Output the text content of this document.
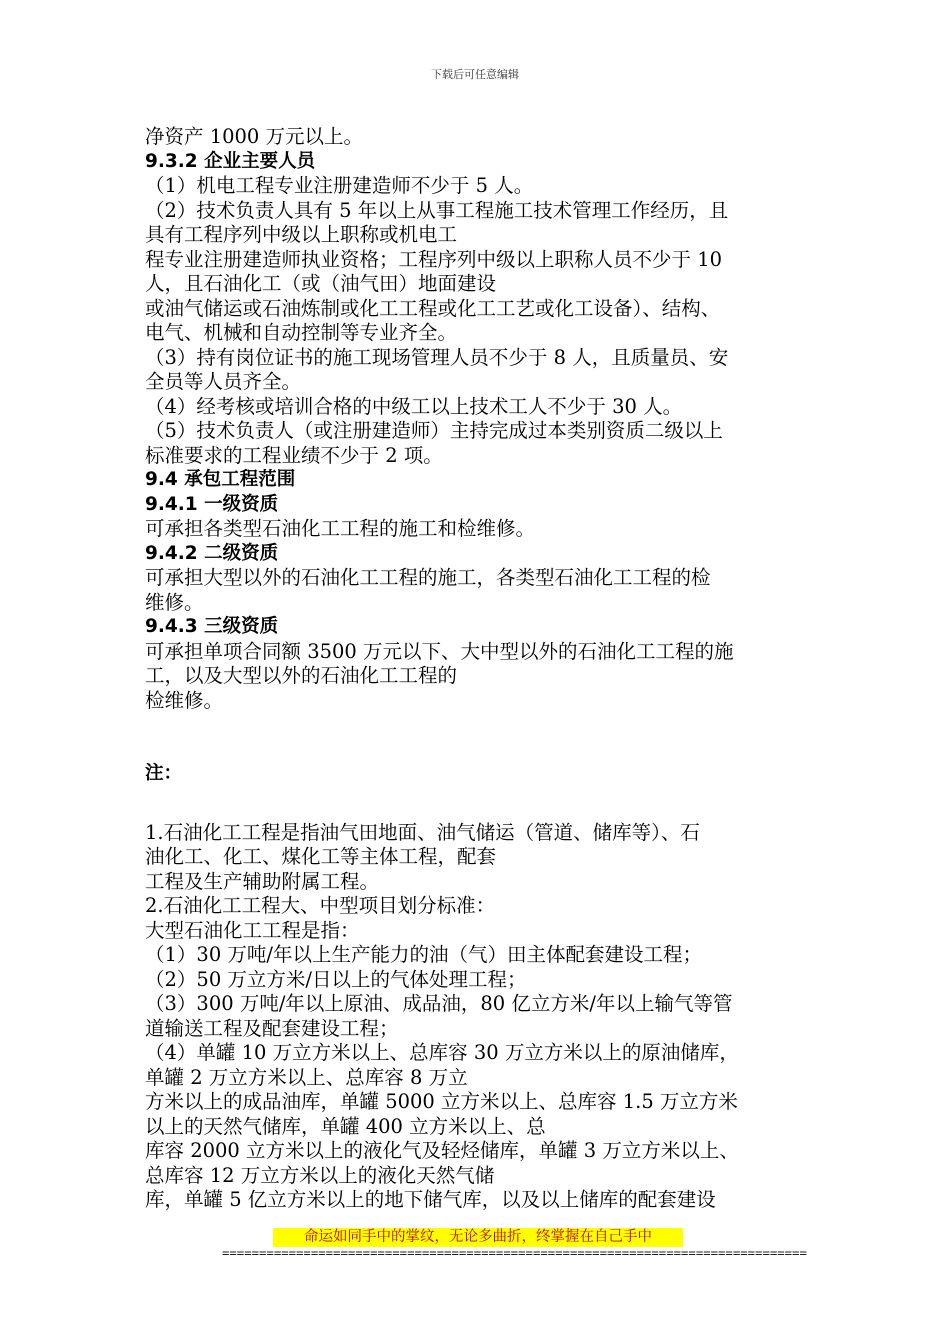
下载后可任意编辑

净资产 1000 万元以上。

9.3.2 企业主要人员

（1）机电工程专业注册建造师不少于 5 人。

（2）技术负责人具有 5 年以上从事工程施工技术管理工作经历，且

具有工程序列中级以上职称或机电工

程专业注册建造师执业资格；工程序列中级以上职称人员不少于 10

人，且石油化工（或（油气田）地面建设

或油气储运或石油炼制或化工工程或化工工艺或化工设备）、结构、

电气、机械和自动控制等专业齐全。

（3）持有岗位证书的施工现场管理人员不少于 8 人，且质量员、安

全员等人员齐全。

（4）经考核或培训合格的中级工以上技术工人不少于 30 人。

（5）技术负责人（或注册建造师）主持完成过本类别资质二级以上

标准要求的工程业绩不少于 2 项。

9.4 承包工程范围

9.4.1 一级资质

可承担各类型石油化工工程的施工和检维修。

9.4.2 二级资质

可承担大型以外的石油化工工程的施工，各类型石油化工工程的检

维修。

9.4.3 三级资质

可承担单项合同额 3500 万元以下、大中型以外的石油化工工程的施

工，以及大型以外的石油化工工程的

检维修。

注：

1.石油化工工程是指油气田地面、油气储运（管道、储库等）、石

油化工、化工、煤化工等主体工程，配套

工程及生产辅助附属工程。

2.石油化工工程大、中型项目划分标准：

大型石油化工工程是指：

（1）30 万吨/年以上生产能力的油（气）田主体配套建设工程；

（2）50 万立方米/日以上的气体处理工程；

（3）300 万吨/年以上原油、成品油，80 亿立方米/年以上输气等管

道输送工程及配套建设工程；

（4）单罐 10 万立方米以上、总库容 30 万立方米以上的原油储库，

单罐 2 万立方米以上、总库容 8 万立

方米以上的成品油库，单罐 5000 立方米以上、总库容 1.5 万立方米

以上的天然气储库，单罐 400 立方米以上、总

库容 2000 立方米以上的液化气及轻烃储库，单罐 3 万立方米以上、

总库容 12 万立方米以上的液化天然气储

库，单罐 5 亿立方米以上的地下储气库，以及以上储库的配套建设

命运如同手中的掌纹，无论多曲折，终掌握在自己手中
===============================================================================
